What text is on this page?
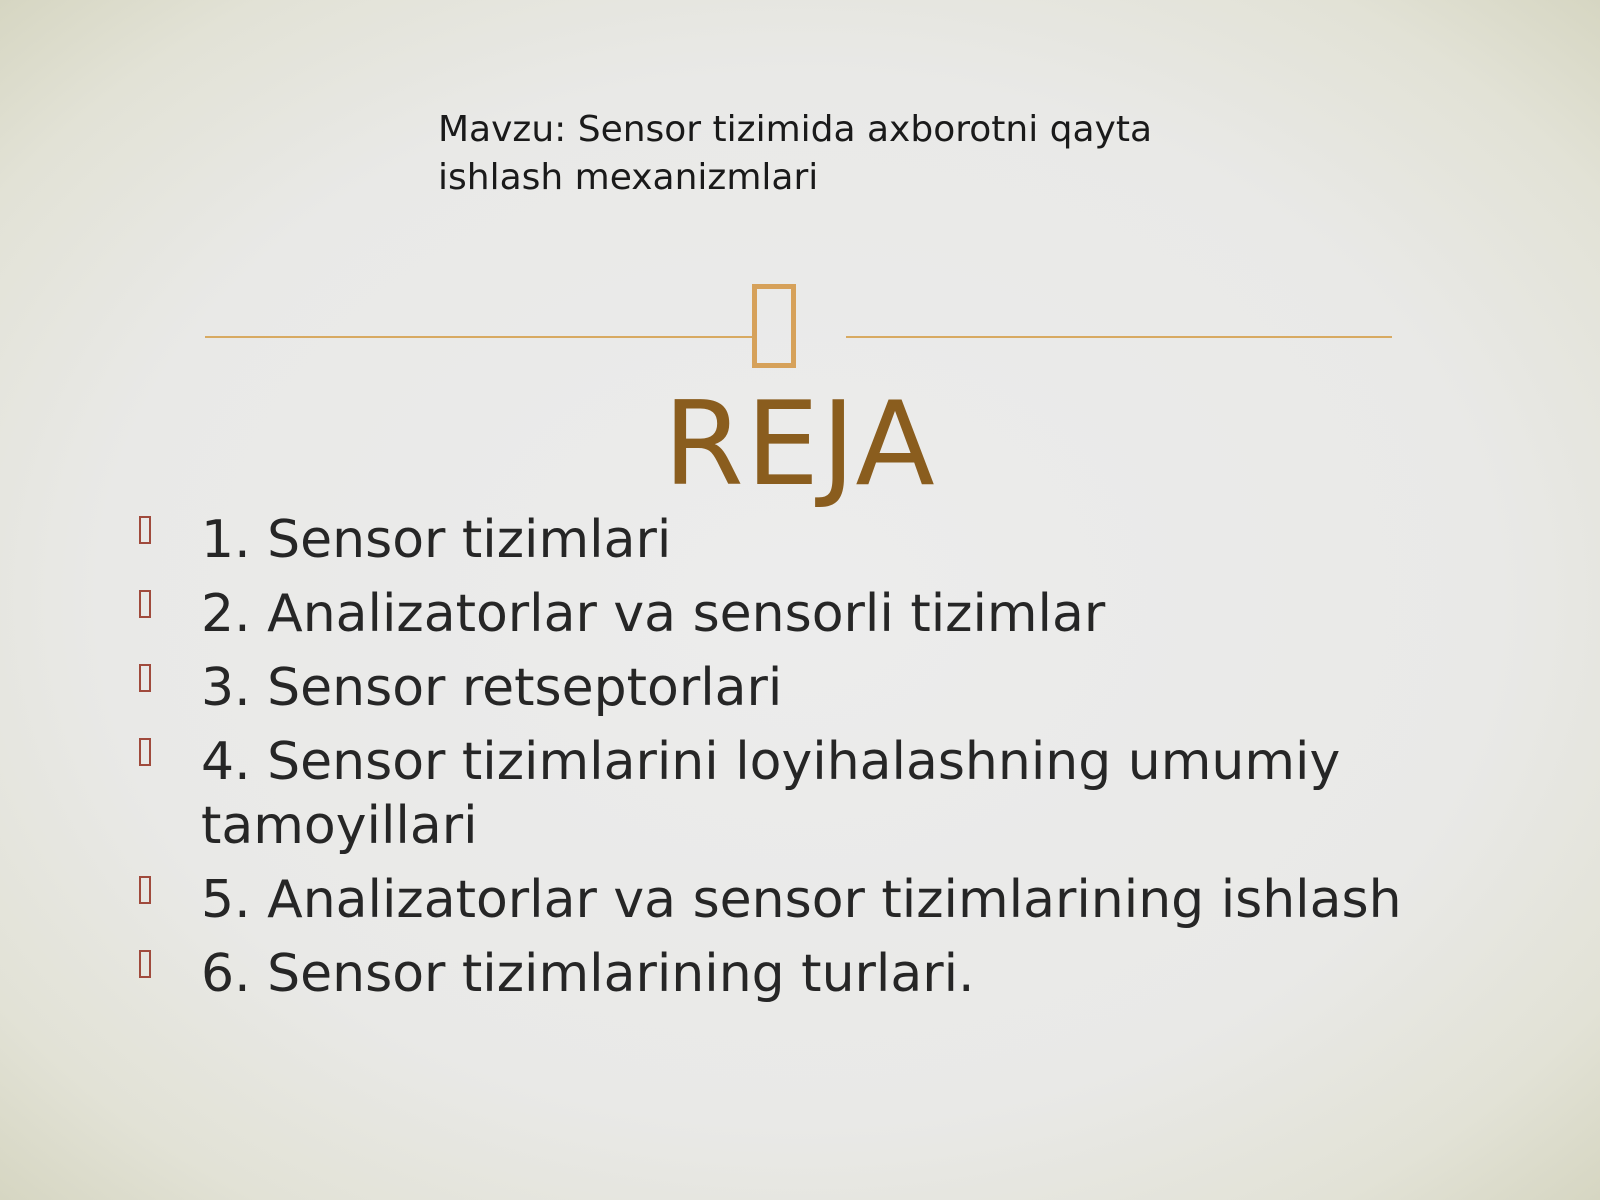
Mavzu: Sensor tizimida axborotni qayta ishlash mexanizmlari
REJA
1. Sensor tizimlari
2. Analizatorlar va sensorli tizimlar
3. Sensor retseptorlari
4. Sensor tizimlarini loyihalashning umumiy tamoyillari
5. Analizatorlar va sensor tizimlarining ishlash
6. Sensor tizimlarining turlari.
